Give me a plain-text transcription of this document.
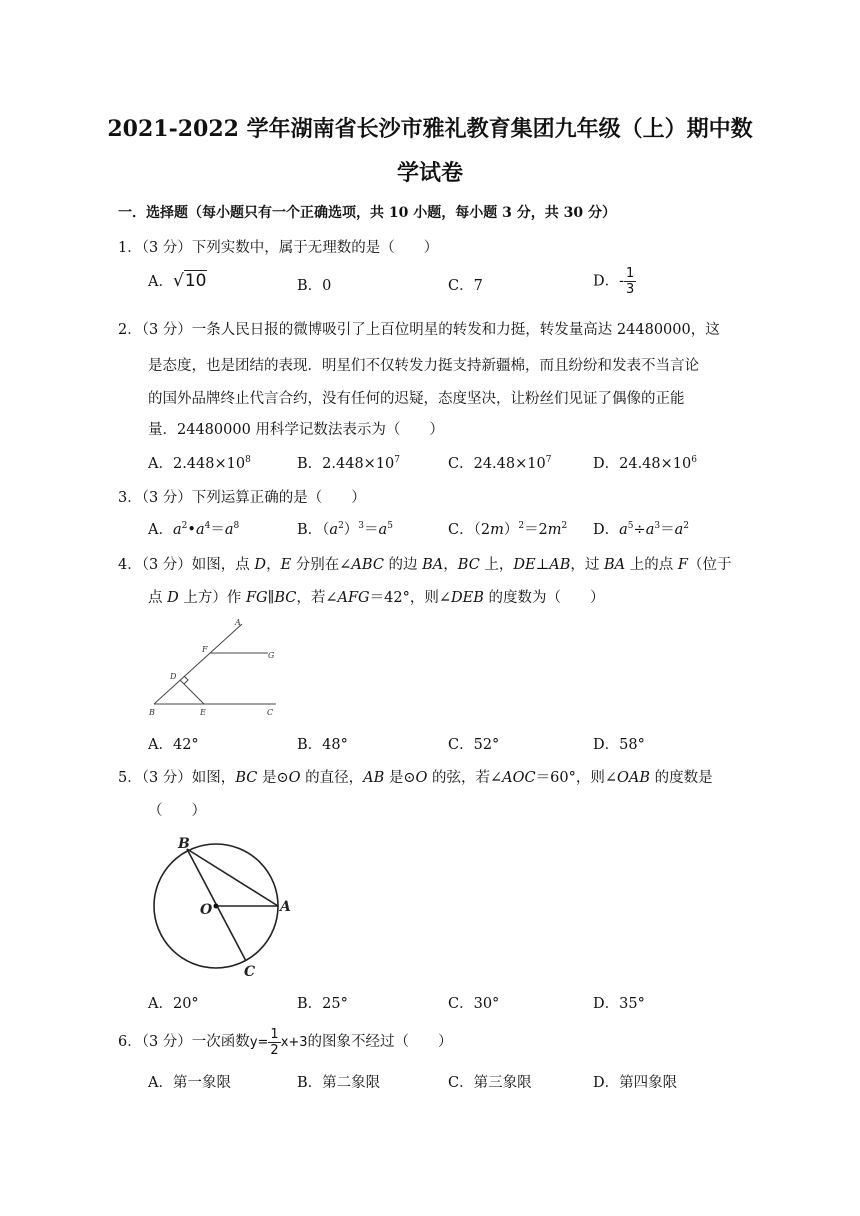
2021-2022 学年湖南省长沙市雅礼教育集团九年级（上）期中数
学试卷
一．选择题（每小题只有一个正确选项，共 10 小题，每小题 3 分，共 30 分）
1．（3 分）下列实数中，属于无理数的是（　　）
A．√10	B．0	C．7	D．- $\frac{1}{3}$
2．（3 分）一条人民日报的微博吸引了上百位明星的转发和力挺，转发量高达 24480000，这
是态度，也是团结的表现．明星们不仅转发力挺支持新疆棉，而且纷纷和发表不当言论
的国外品牌终止代言合约，没有任何的迟疑，态度坚决，让粉丝们见证了偶像的正能
量．24480000 用科学记数法表示为（　　）
A．$2.448\times 10^8$	B．$2.448\times 10^7$	C．$24.48\times 10^7$	D．$24.48\times 10^6$
3．（3 分）下列运算正确的是（　　）
A．$a^2•a^4=a^8$	B．$(a^2)^3=a^5$	C．$(2m)^2=2m^2$ D．$a^5\div a^3=a^2$
4．（3 分）如图，点 D，E 分别在∠ABC 的边 BA，BC 上，DE⊥AB，过 BA 上的点 F（位于
点 D 上方）作 FG∥BC，若∠AFG＝42°，则∠DEB 的度数为（　　）
A
F
G
D
B	E	C
A．42°	B．48°	C．52°	D．58°
5．（3 分）如图，BC 是⊙O 的直径，AB 是⊙O 的弦，若∠AOC＝60°，则∠OAB 的度数是
（　　）
B
O	A
C
A．20°	B．25°	C．30°	D．35°
6．（3 分）一次函数$y= \frac{1}{2} x+3$的图象不经过（　　）
A．第一象限	B．第二象限	C．第三象限	D．第四象限
